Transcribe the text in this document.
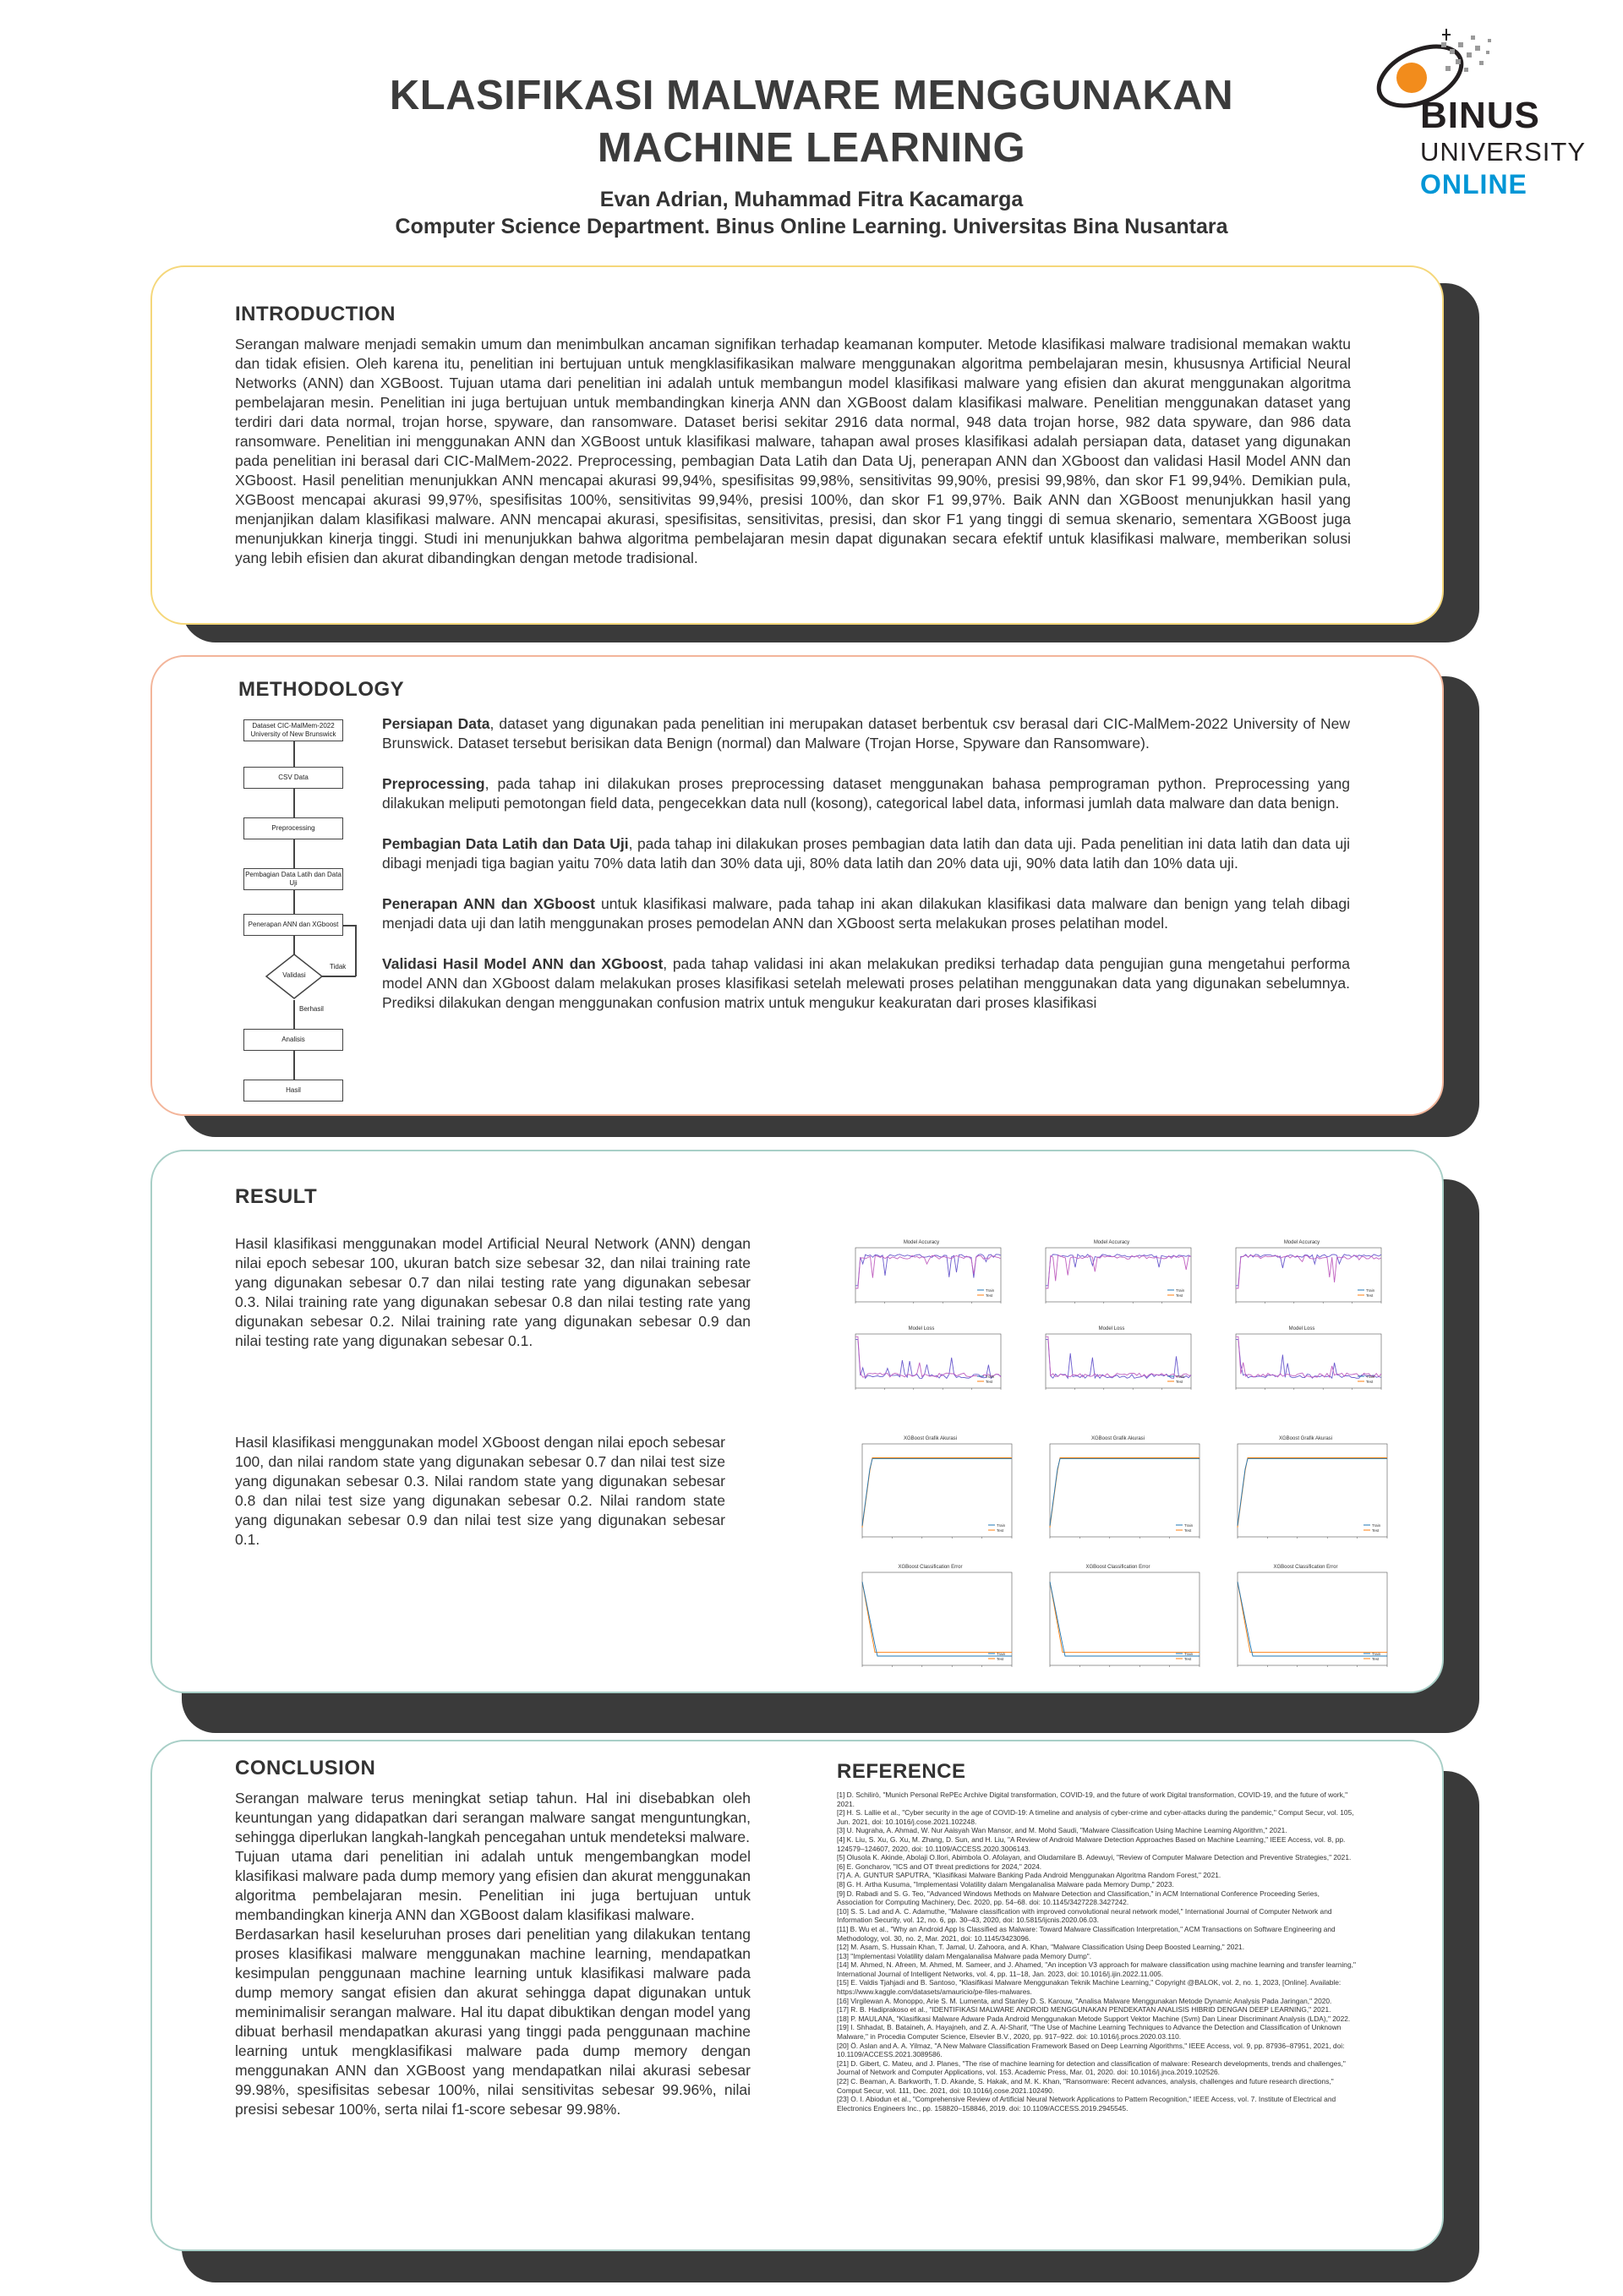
KLASIFIKASI MALWARE MENGGUNAKAN
MACHINE LEARNING
Evan Adrian, Muhammad Fitra Kacamarga
Computer Science Department. Binus Online Learning. Universitas Bina Nusantara
BINUS
UNIVERSITY
ONLINE
INTRODUCTION
Serangan malware menjadi semakin umum dan menimbulkan ancaman signifikan terhadap keamanan komputer. Metode klasifikasi malware tradisional memakan waktu dan tidak efisien. Oleh karena itu, penelitian ini bertujuan untuk mengklasifikasikan malware menggunakan algoritma pembelajaran mesin, khususnya Artificial Neural Networks (ANN) dan XGBoost. Tujuan utama dari penelitian ini adalah untuk membangun model klasifikasi malware yang efisien dan akurat menggunakan algoritma pembelajaran mesin. Penelitian ini juga bertujuan untuk membandingkan kinerja ANN dan XGBoost dalam klasifikasi malware. Penelitian menggunakan dataset yang terdiri dari data normal, trojan horse, spyware, dan ransomware. Dataset berisi sekitar 2916 data normal, 948 data trojan horse, 982 data spyware, dan 986 data ransomware. Penelitian ini menggunakan ANN dan XGBoost untuk klasifikasi malware, tahapan awal proses klasifikasi adalah persiapan data, dataset yang digunakan pada penelitian ini berasal dari CIC-MalMem-2022. Preprocessing, pembagian Data Latih dan Data Uj, penerapan ANN dan XGboost dan validasi Hasil Model ANN dan XGboost. Hasil penelitian menunjukkan ANN mencapai akurasi 99,94%, spesifisitas 99,98%, sensitivitas 99,90%, presisi 99,98%, dan skor F1 99,94%. Demikian pula, XGBoost mencapai akurasi 99,97%, spesifisitas 100%, sensitivitas 99,94%, presisi 100%, dan skor F1 99,97%. Baik ANN dan XGBoost menunjukkan hasil yang menjanjikan dalam klasifikasi malware. ANN mencapai akurasi, spesifisitas, sensitivitas, presisi, dan skor F1 yang tinggi di semua skenario, sementara XGBoost juga menunjukkan kinerja tinggi. Studi ini menunjukkan bahwa algoritma pembelajaran mesin dapat digunakan secara efektif untuk klasifikasi malware, memberikan solusi yang lebih efisien dan akurat dibandingkan dengan metode tradisional.
METHODOLOGY
Dataset CIC-MalMem-2022 University of New Brunswick
CSV Data
Preprocessing
Pembagian Data Latih dan Data Uji
Penerapan ANN dan XGboost
Validasi
Tidak
Berhasil
Analisis
Hasil

Persiapan Data, dataset yang digunakan pada penelitian ini merupakan dataset berbentuk csv berasal dari CIC-MalMem-2022 University of New Brunswick. Dataset tersebut berisikan data Benign (normal) dan Malware (Trojan Horse, Spyware dan Ransomware).

Preprocessing, pada tahap ini dilakukan proses preprocessing dataset menggunakan bahasa pemprograman python. Preprocessing yang dilakukan meliputi pemotongan field data, pengecekkan data null (kosong), categorical label data, informasi jumlah data malware dan data benign.

Pembagian Data Latih dan Data Uji, pada tahap ini dilakukan proses pembagian data latih dan data uji. Pada penelitian ini data latih dan data uji dibagi menjadi tiga bagian yaitu 70% data latih dan 30% data uji, 80% data latih dan 20% data uji, 90% data latih dan 10% data uji.

Penerapan ANN dan XGboost untuk klasifikasi malware, pada tahap ini akan dilakukan klasifikasi data malware dan benign yang telah dibagi menjadi data uji dan latih menggunakan proses pemodelan ANN dan XGboost serta melakukan proses pelatihan model.

Validasi Hasil Model ANN dan XGboost, pada tahap validasi ini akan melakukan prediksi terhadap data pengujian guna mengetahui performa model ANN dan XGboost dalam melakukan proses klasifikasi setelah melewati proses pelatihan menggunakan data yang digunakan sebelumnya. Prediksi dilakukan dengan menggunakan confusion matrix untuk mengukur keakuratan dari proses klasifikasi

RESULT
Hasil klasifikasi menggunakan model Artificial Neural Network (ANN) dengan nilai epoch sebesar 100, ukuran batch size sebesar 32, dan nilai training rate yang digunakan sebesar 0.7 dan nilai testing rate yang digunakan sebesar 0.3. Nilai training rate yang digunakan sebesar 0.8 dan nilai testing rate yang digunakan sebesar 0.2. Nilai training rate yang digunakan sebesar 0.9 dan nilai testing rate yang digunakan sebesar 0.1.
Hasil klasifikasi menggunakan model XGboost dengan nilai epoch sebesar 100, dan nilai random state yang digunakan sebesar 0.7 dan nilai test size yang digunakan sebesar 0.3. Nilai random state yang digunakan sebesar 0.8 dan nilai test size yang digunakan sebesar 0.2. Nilai random state yang digunakan sebesar 0.9 dan nilai test size yang digunakan sebesar 0.1.
Model Accuracy
Train
Test
Model Accuracy
Train
Test
Model Accuracy
Train
Test
Model Loss
Train
Test
Model Loss
Train
Test
Model Loss
Train
Test
XGBoost Grafik Akurasi
Train
Test
XGBoost Grafik Akurasi
Train
Test
XGBoost Grafik Akurasi
Train
Test
XGBoost Classification Error
Train
Test
XGBoost Classification Error
Train
Test
XGBoost Classification Error
Train
Test
CONCLUSION
Serangan malware terus meningkat setiap tahun. Hal ini disebabkan oleh keuntungan yang didapatkan dari serangan malware sangat menguntungkan, sehingga diperlukan langkah-langkah pencegahan untuk mendeteksi malware.
Tujuan utama dari penelitian ini adalah untuk mengembangkan model klasifikasi malware pada dump memory yang efisien dan akurat menggunakan algoritma pembelajaran mesin. Penelitian ini juga bertujuan untuk membandingkan kinerja ANN dan XGBoost dalam klasifikasi malware.
Berdasarkan hasil keseluruhan proses dari penelitian yang dilakukan tentang proses klasifikasi malware menggunakan machine learning, mendapatkan kesimpulan penggunaan machine learning untuk klasifikasi malware pada dump memory sangat efisien dan akurat sehingga dapat digunakan untuk meminimalisir serangan malware. Hal itu dapat dibuktikan dengan model yang dibuat berhasil mendapatkan akurasi yang tinggi pada penggunaan machine learning untuk mengklasifikasi malware pada dump memory dengan menggunakan ANN dan XGBoost yang mendapatkan nilai akurasi sebesar 99.98%, spesifisitas sebesar 100%, nilai sensitivitas sebesar 99.96%, nilai presisi sebesar 100%, serta nilai f1-score sebesar 99.98%.
REFERENCE
[1] D. Schilirò, "Munich Personal RePEc Archive Digital transformation, COVID-19, and the future of work Digital transformation, COVID-19, and the future of work," 2021.
[2] H. S. Lallie et al., "Cyber security in the age of COVID-19: A timeline and analysis of cyber-crime and cyber-attacks during the pandemic," Comput Secur, vol. 105, Jun. 2021, doi: 10.1016/j.cose.2021.102248.
[3] U. Nugraha, A. Ahmad, W. Nur Aaisyah Wan Mansor, and M. Mohd Saudi, "Malware Classification Using Machine Learning Algorithm," 2021.
[4] K. Liu, S. Xu, G. Xu, M. Zhang, D. Sun, and H. Liu, "A Review of Android Malware Detection Approaches Based on Machine Learning," IEEE Access, vol. 8, pp. 124579–124607, 2020, doi: 10.1109/ACCESS.2020.3006143.
[5] Olusola K. Akinde, Abolaji O.Ilori, Abimbola O. Afolayan, and Oludamilare B. Adewuyi, "Review of Computer Malware Detection and Preventive Strategies," 2021.
[6] E. Goncharov, "ICS and OT threat predictions for 2024," 2024.
[7] A. A. GUNTUR SAPUTRA, "Klasifikasi Malware Banking Pada Android Menggunakan Algoritma Random Forest," 2021.
[8] G. H. Artha Kusuma, "Implementasi Volatility dalam Mengalanalisa Malware pada Memory Dump," 2023.
[9] D. Rabadi and S. G. Teo, "Advanced Windows Methods on Malware Detection and Classification," in ACM International Conference Proceeding Series, Association for Computing Machinery, Dec. 2020, pp. 54–68. doi: 10.1145/3427228.3427242.
[10] S. S. Lad and A. C. Adamuthe, "Malware classification with improved convolutional neural network model," International Journal of Computer Network and Information Security, vol. 12, no. 6, pp. 30–43, 2020, doi: 10.5815/ijcnis.2020.06.03.
[11] B. Wu et al., "Why an Android App Is Classified as Malware: Toward Malware Classification Interpretation," ACM Transactions on Software Engineering and Methodology, vol. 30, no. 2, Mar. 2021, doi: 10.1145/3423096.
[12] M. Asam, S. Hussain Khan, T. Jamal, U. Zahoora, and A. Khan, "Malware Classification Using Deep Boosted Learning," 2021.
[13] "Implementasi Volatility dalam Mengalanalisa Malware pada Memory Dump".
[14] M. Ahmed, N. Afreen, M. Ahmed, M. Sameer, and J. Ahamed, "An inception V3 approach for malware classification using machine learning and transfer learning," International Journal of Intelligent Networks, vol. 4, pp. 11–18, Jan. 2023, doi: 10.1016/j.ijin.2022.11.005.
[15] E. Valdis Tjahjadi and B. Santoso, "Klasifikasi Malware Menggunakan Teknik Machine Learning," Copyright @BALOK, vol. 2, no. 1, 2023, [Online]. Available: https://www.kaggle.com/datasets/amauricio/pe-files-malwares.
[16] Virgilewan A. Monoppo, Arie S. M. Lumenta, and Stanley D. S. Karouw, "Analisa Malware Menggunakan Metode Dynamic Analysis Pada Jaringan," 2020.
[17] R. B. Hadiprakoso et al., "IDENTIFIKASI MALWARE ANDROID MENGGUNAKAN PENDEKATAN ANALISIS HIBRID DENGAN DEEP LEARNING," 2021.
[18] P. MAULANA, "Klasifikasi Malware Adware Pada Android Menggunakan Metode Support Vektor Machine (Svm) Dan Linear Discriminant Analysis (LDA)," 2022.
[19] I. Shhadat, B. Bataineh, A. Hayajneh, and Z. A. Al-Sharif, "The Use of Machine Learning Techniques to Advance the Detection and Classification of Unknown Malware," in Procedia Computer Science, Elsevier B.V., 2020, pp. 917–922. doi: 10.1016/j.procs.2020.03.110.
[20] Ö. Aslan and A. A. Yilmaz, "A New Malware Classification Framework Based on Deep Learning Algorithms," IEEE Access, vol. 9, pp. 87936–87951, 2021, doi: 10.1109/ACCESS.2021.3089586.
[21] D. Gibert, C. Mateu, and J. Planes, "The rise of machine learning for detection and classification of malware: Research developments, trends and challenges," Journal of Network and Computer Applications, vol. 153. Academic Press, Mar. 01, 2020. doi: 10.1016/j.jnca.2019.102526.
[22] C. Beaman, A. Barkworth, T. D. Akande, S. Hakak, and M. K. Khan, "Ransomware: Recent advances, analysis, challenges and future research directions," Comput Secur, vol. 111, Dec. 2021, doi: 10.1016/j.cose.2021.102490.
[23] O. I. Abiodun et al., "Comprehensive Review of Artificial Neural Network Applications to Pattern Recognition," IEEE Access, vol. 7. Institute of Electrical and Electronics Engineers Inc., pp. 158820–158846, 2019. doi: 10.1109/ACCESS.2019.2945545.
